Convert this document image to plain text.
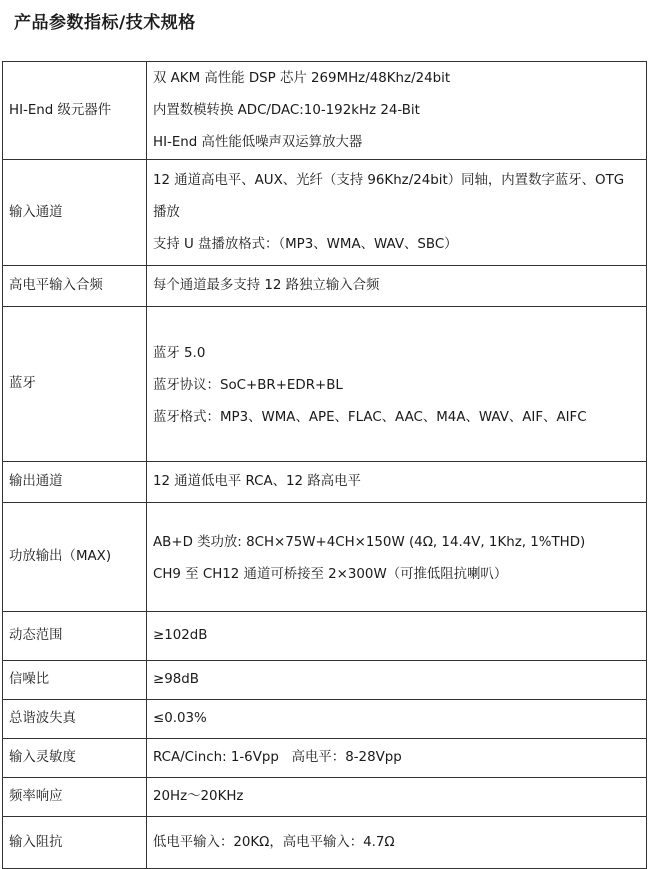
产品参数指标/技术规格
HI-End 级元器件	双 AKM 高性能 DSP 芯片 269MHz/48Khz/24bit
内置数模转换 ADC/DAC:10-192kHz 24-Bit
HI-End 高性能低噪声双运算放大器

输入通道	12 通道高电平、AUX、光纤（支持 96Khz/24bit）同轴，内置数字蓝牙、OTG 播放
支持 U 盘播放格式：（MP3、WMA、WAV、SBC）

高电平输入合频	每个通道最多支持 12 路独立输入合频

蓝牙	蓝牙 5.0
蓝牙协议：SoC+BR+EDR+BL
蓝牙格式：MP3、WMA、APE、FLAC、AAC、M4A、WAV、AIF、AIFC

输出通道	12 通道低电平 RCA、12 路高电平

功放输出（MAX)	AB+D 类功放: 8CH×75W+4CH×150W (4Ω, 14.4V, 1Khz, 1%THD)
CH9 至 CH12 通道可桥接至 2×300W（可推低阻抗喇叭）

动态范围	≥102dB

信噪比	≥98dB

总谐波失真	≤0.03%

输入灵敏度	RCA/Cinch: 1-6Vpp   高电平：8-28Vpp

频率响应	20Hz～20KHz

输入阻抗	低电平输入：20KΩ，高电平输入：4.7Ω
